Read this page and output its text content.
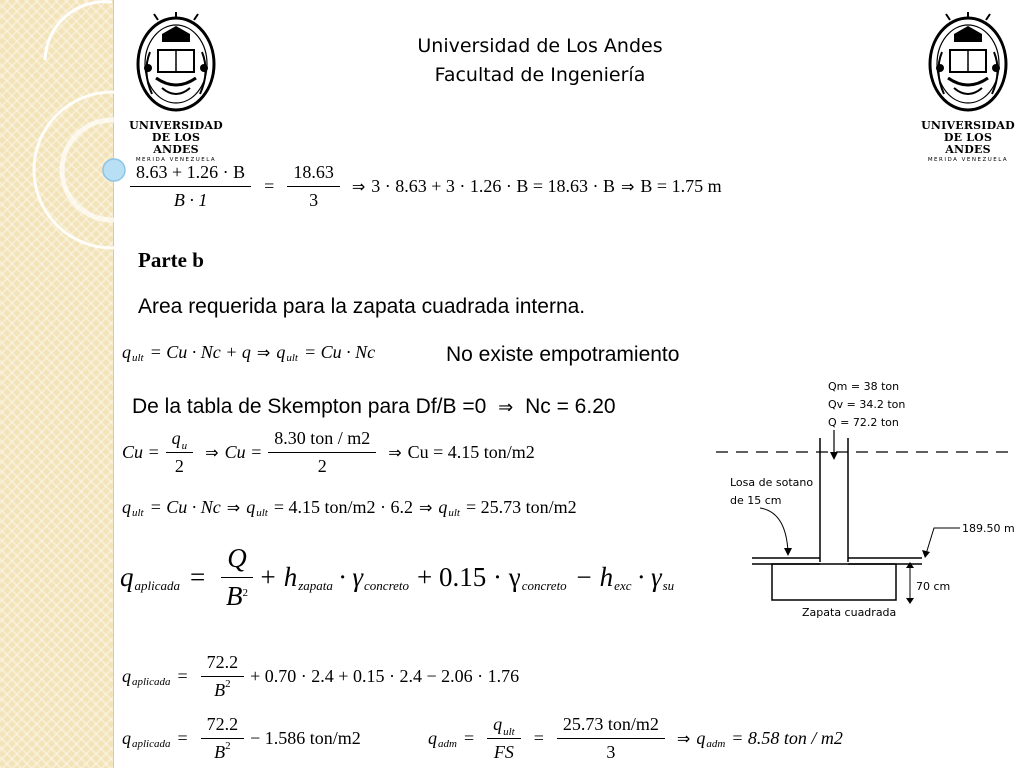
UNIVERSIDAD
DE LOS ANDES
MERIDA VENEZUELA
UNIVERSIDAD
DE LOS ANDES
MERIDA VENEZUELA
Universidad de Los Andes
Facultad de Ingeniería
$\frac{8.63 + 1.26 \cdot B}{B \cdot 1} = \frac{18.63}{3}$ ⇒ 3 · 8.63 + 3 · 1.26 · B = 18.63 · B ⇒ B = 1.75 m
Parte b
Area requerida para la zapata cuadrada interna.
q ult = Cu · Nc + q ⇒ q ult = Cu · Nc	No existe empotramiento
De la tabla de Skempton para Df/B =0 ⇒ Nc = 6.20
$Cu = \frac{q_u}{2}$ ⇒ $Cu = \frac{\text{8.30 ton / m2}}{2}$ ⇒ Cu = 4.15 ton/m2
q ult = Cu · Nc ⇒ q ult = 4.15 ton/m2 · 6.2 ⇒ q ult = 25.73 ton/m2
q aplicada = $\frac{Q}{B^2} + h$ zapata · γ concreto + 0.15 · γ concreto − h exc · γ su
q aplicada = $\frac{72.2}{B^2} + 0.70 \cdot 2.4 + 0.15 \cdot 2.4 - 2.06 \cdot 1.76$
q aplicada = $\frac{72.2}{B^2} - 1.586$ ton/m2	q adm = $\frac{q_{ult}}{FS} = \frac{\text{25.73 ton/m2}}{3}$ ⇒ q adm = 8.58 ton / m2
Qm = 38 ton
Qv = 34.2 ton
Q = 72.2 ton
Losa de sotano
de 15 cm
189.50 m
70 cm
Zapata cuadrada
